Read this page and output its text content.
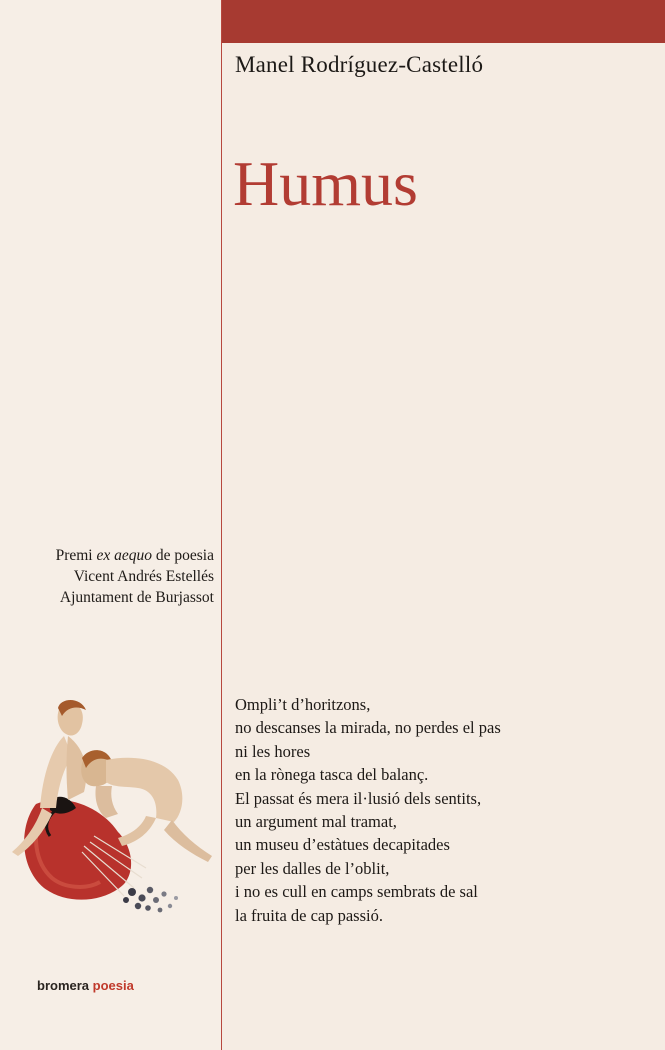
Manel Rodríguez-Castelló
Humus
Premi ex aequo de poesia
Vicent Andrés Estellés
Ajuntament de Burjassot
Ompli’t d’horitzons,
no descanses la mirada, no perdes el pas
ni les hores
en la rònega tasca del balanç.
El passat és mera il·lusió dels sentits,
un argument mal tramat,
un museu d’estàtues decapitades
per les dalles de l’oblit,
i no es cull en camps sembrats de sal
la fruita de cap passió.
bromera poesia
